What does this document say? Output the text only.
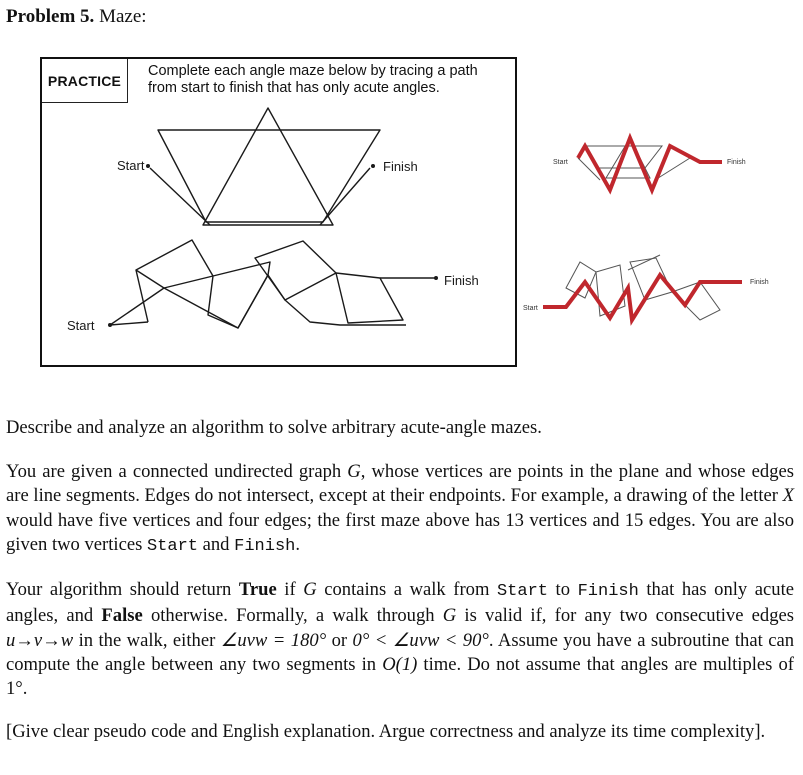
Problem 5. Maze:
PRACTICE
Complete each angle maze below by tracing a path
from start to finish that has only acute angles.
Start	Finish
Start
Finish
Start	Finish
Start
Finish
Describe and analyze an algorithm to solve arbitrary acute-angle mazes.
You are given a connected undirected graph G, whose vertices are points in the plane and whose edges are line segments. Edges do not intersect, except at their endpoints. For example, a drawing of the letter X would have five vertices and four edges; the first maze above has 13 vertices and 15 edges. You are also given two vertices Start and Finish.
Your algorithm should return True if G contains a walk from Start to Finish that has only acute angles, and False otherwise. Formally, a walk through G is valid if, for any two consecutive edges u→v→w in the walk, either ∠uvw = 180° or 0° < ∠uvw < 90°. Assume you have a subroutine that can compute the angle between any two segments in O(1) time. Do not assume that angles are multiples of 1°.
[Give clear pseudo code and English explanation. Argue correctness and analyze its time complexity].
